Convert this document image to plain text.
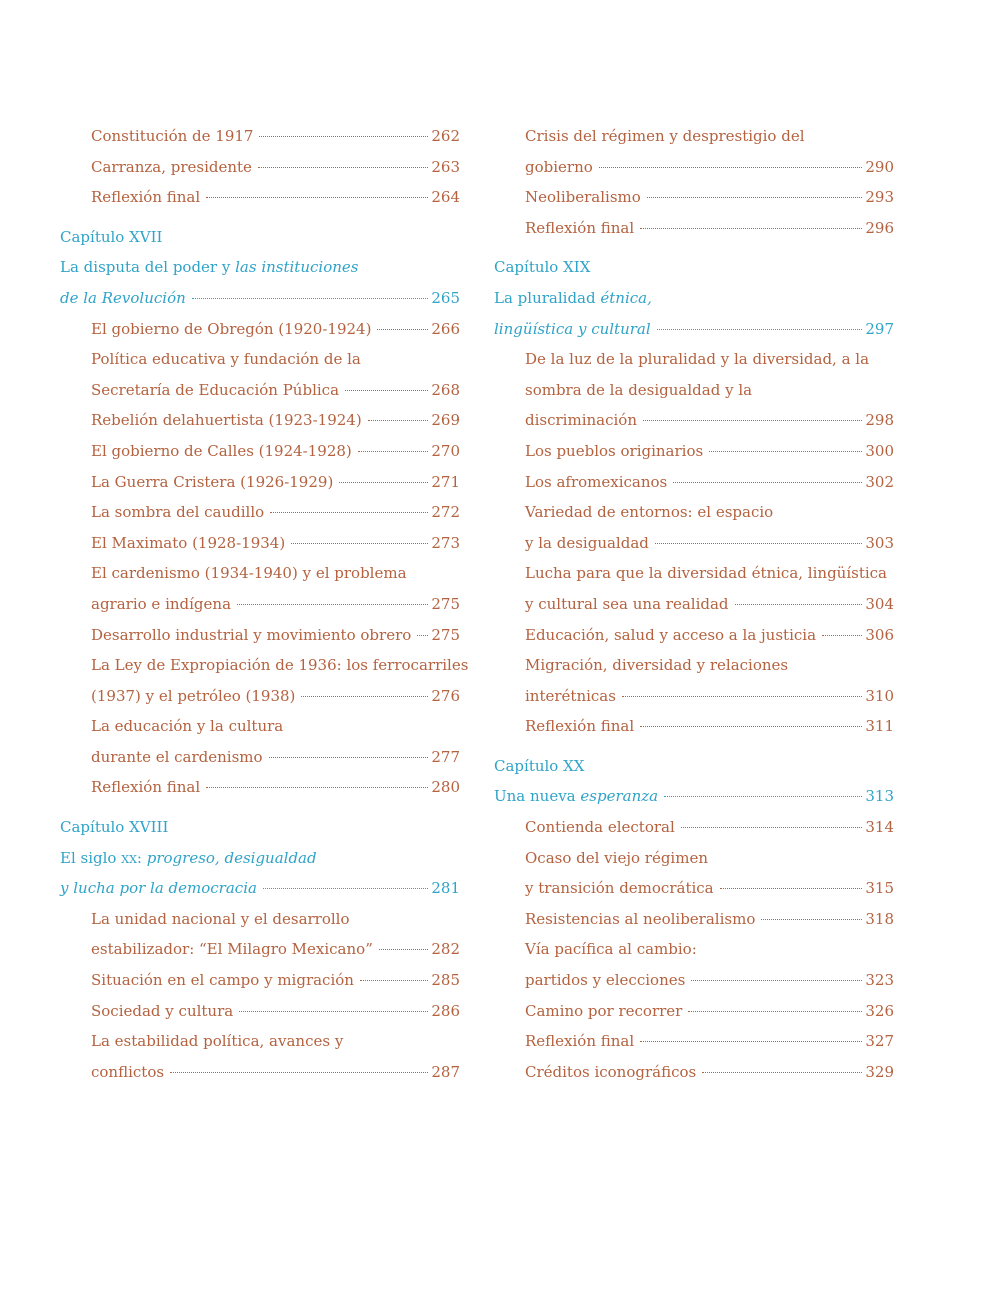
Constitución de 1917	262
Carranza, presidente	263
Reflexión final	264
Capítulo XVII
La disputa del poder y
las instituciones
de la Revolución	265
El gobierno de Obregón (1920-1924)	266
Política educativa y fundación de la
Secretaría de Educación Pública	268
Rebelión delahuertista (1923-1924)	269
El gobierno de Calles (1924-1928)	270
La Guerra Cristera (1926-1929)	271
La sombra del caudillo	272
El Maximato (1928-1934)	273
El cardenismo (1934-1940) y el problema
agrario e indígena	275
Desarrollo industrial y movimiento obrero 275
La Ley de Expropiación de 1936: los ferrocarriles
(1937) y el petróleo (1938)	276
La educación y la cultura
durante el cardenismo	277
Reflexión final	280
Capítulo XVIII
El siglo
xx :
progreso, desigualdad
y lucha por la democracia	281
La unidad nacional y el desarrollo
estabilizador: “El Milagro Mexicano”	282
Situación en el campo y migración	285
Sociedad y cultura	286
La estabilidad política, avances y
conflictos	287
Crisis del régimen y desprestigio del
gobierno	290
Neoliberalismo	293
Reflexión final	296
Capítulo XIX
La pluralidad
étnica,
lingüística y cultural	297
De la luz de la pluralidad y la diversidad, a la
sombra de la desigualdad y la
discriminación	298
Los pueblos originarios	300
Los afromexicanos	302
Variedad de entornos: el espacio
y la desigualdad	303
Lucha para que la diversidad étnica, lingüística
y cultural sea una realidad	304
Educación, salud y acceso a la justicia	306
Migración, diversidad y relaciones
interétnicas	310
Reflexión final	311
Capítulo XX
Una nueva
esperanza	313
Contienda electoral	314
Ocaso del viejo régimen
y transición democrática	315
Resistencias al neoliberalismo	318
Vía pacífica al cambio:
partidos y elecciones	323
Camino por recorrer	326
Reflexión final	327
Créditos iconográficos	329
